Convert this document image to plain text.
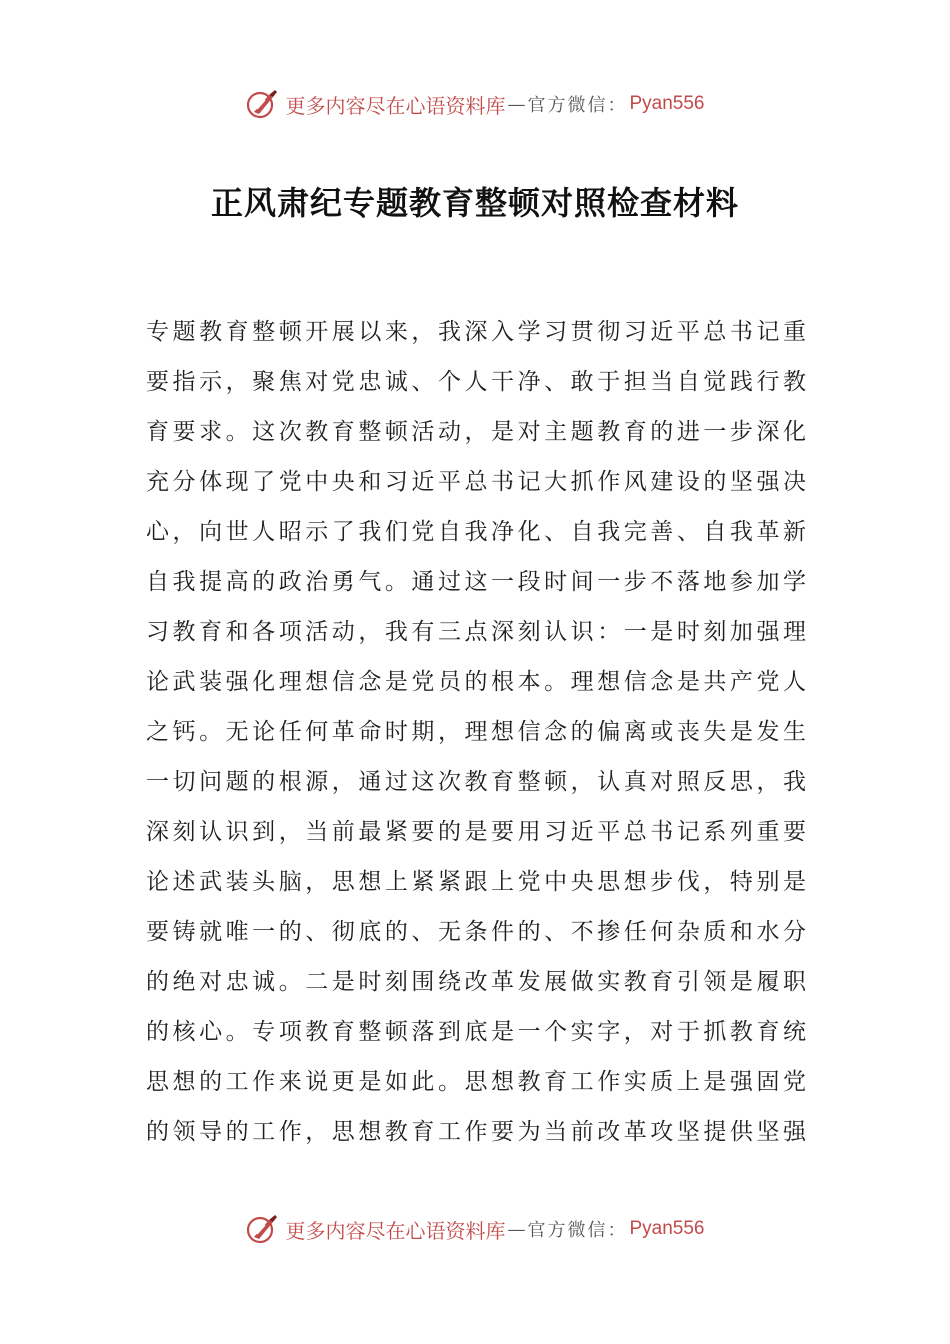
更多内容尽在心语资料库 — 官方微信： Pyan556
正风肃纪专题教育整顿对照检查材料
专题教育整顿开展以来，我深入学习贯彻习近平总书记重
要指示，聚焦对党忠诚、个人干净、敢于担当自觉践行教
育要求。这次教育整顿活动，是对主题教育的进一步深化
充分体现了党中央和习近平总书记大抓作风建设的坚强决
心，向世人昭示了我们党自我净化、自我完善、自我革新
自我提高的政治勇气。通过这一段时间一步不落地参加学
习教育和各项活动，我有三点深刻认识：一是时刻加强理
论武装强化理想信念是党员的根本。理想信念是共产党人
之钙。无论任何革命时期，理想信念的偏离或丧失是发生
一切问题的根源，通过这次教育整顿，认真对照反思，我
深刻认识到，当前最紧要的是要用习近平总书记系列重要
论述武装头脑，思想上紧紧跟上党中央思想步伐，特别是
要铸就唯一的、彻底的、无条件的、不掺任何杂质和水分
的绝对忠诚。二是时刻围绕改革发展做实教育引领是履职
的核心。专项教育整顿落到底是一个实字，对于抓教育统
思想的工作来说更是如此。思想教育工作实质上是强固党
的领导的工作，思想教育工作要为当前改革攻坚提供坚强
更多内容尽在心语资料库 — 官方微信： Pyan556
